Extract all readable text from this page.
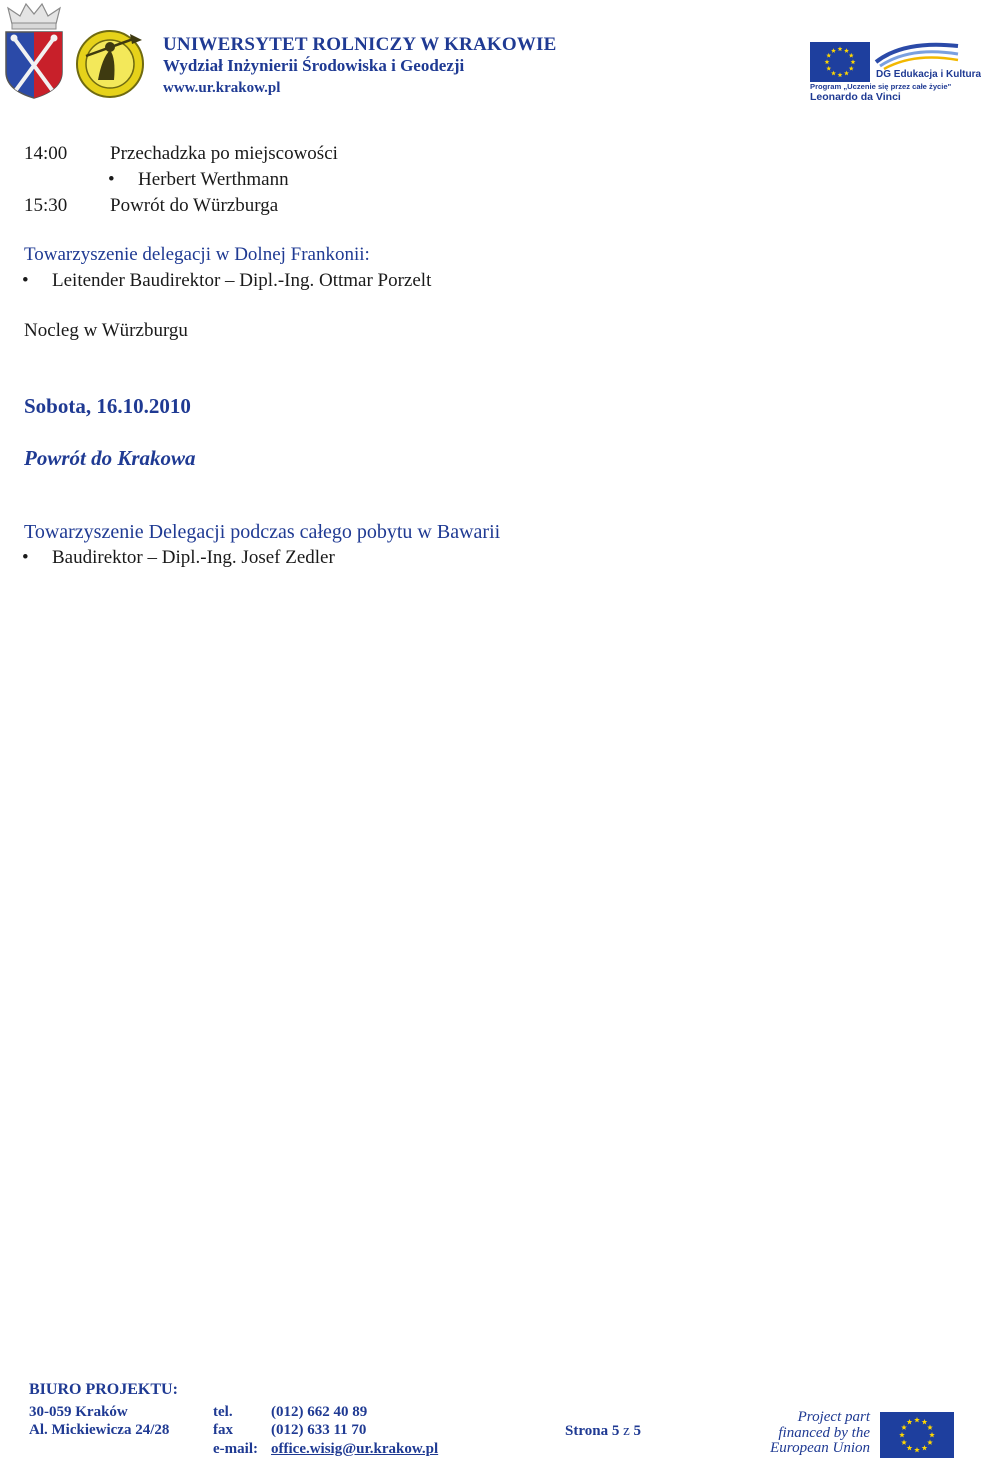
UNIWERSYTET ROLNICZY W KRAKOWIE
Wydział Inżynierii Środowiska i Geodezji
www.ur.krakow.pl
DG Edukacja i Kultura
Program „Uczenie się przez całe życie"
Leonardo da Vinci
14:00 Przechadzka po miejscowości
• Herbert Werthmann
15:30 Powrót do Würzburga
Towarzyszenie delegacji w Dolnej Frankonii:
• Leitender Baudirektor – Dipl.-Ing. Ottmar Porzelt
Nocleg w Würzburgu
Sobota, 16.10.2010
Powrót do Krakowa
Towarzyszenie Delegacji podczas całego pobytu w Bawarii
• Baudirektor – Dipl.-Ing. Josef Zedler
BIURO PROJEKTU:
30-059 Kraków
Al. Mickiewicza 24/28
tel.	(012) 662 40 89
fax	(012) 633 11 70
e-mail: office.wisig@ur.krakow.pl
Strona 5 z 5
Project part
financed by the
European Union
